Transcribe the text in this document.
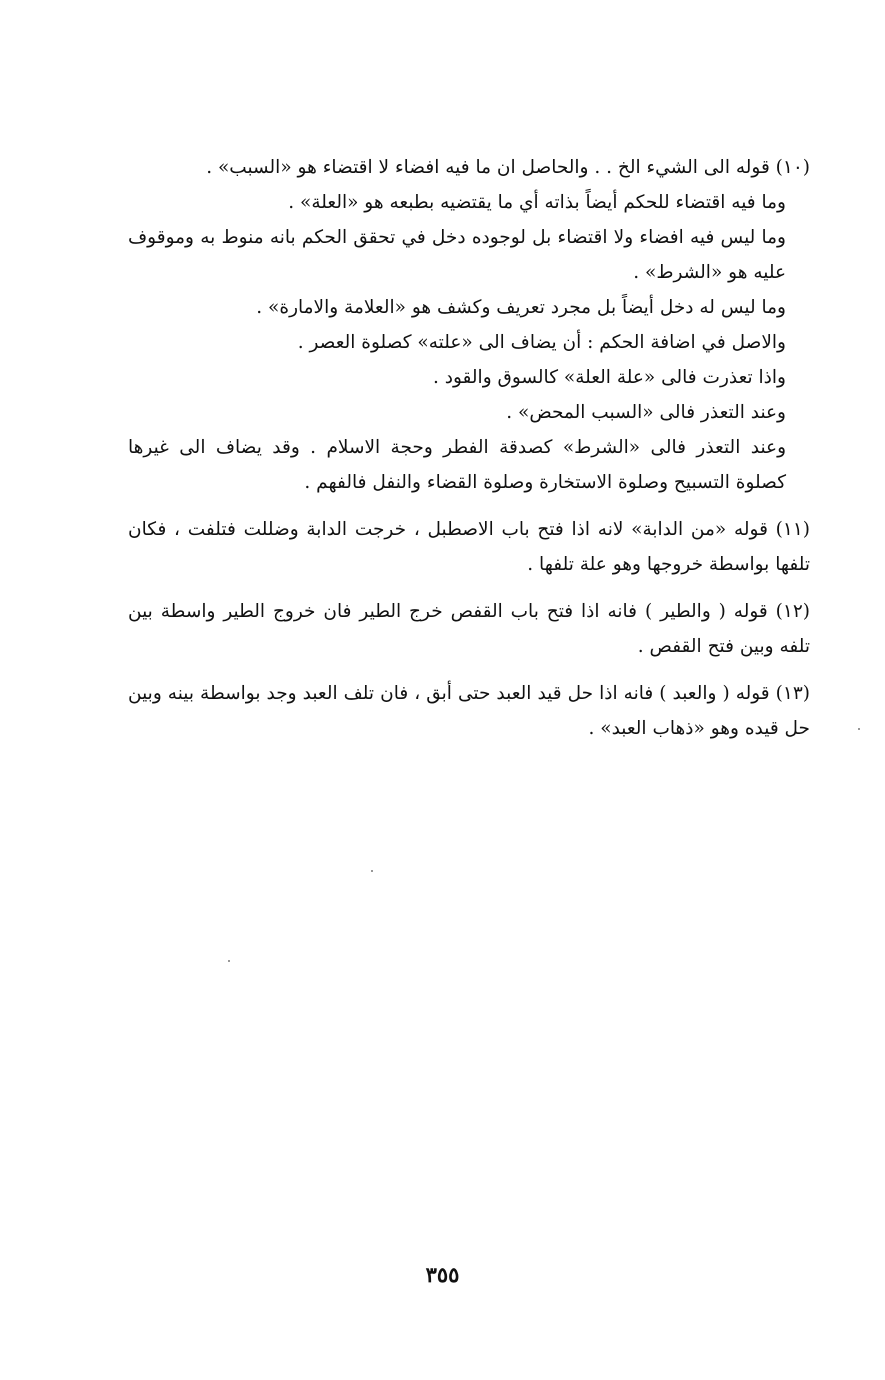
(١٠) قوله الى الشيء الخ . . والحاصل ان ما فيه افضاء لا اقتضاء هو «السبب» .

وما فيه اقتضاء للحكم أيضاً بذاته أي ما يقتضيه بطبعه هو «العلة» .

وما ليس فيه افضاء ولا اقتضاء بل لوجوده دخل في تحقق الحكم بانه منوط به وموقوف عليه هو «الشرط» .

وما ليس له دخل أيضاً بل مجرد تعريف وكشف هو «العلامة والامارة» .

والاصل في اضافة الحكم : أن يضاف الى «علته» كصلوة العصر .

واذا تعذرت فالى «علة العلة» كالسوق والقود .

وعند التعذر فالى «السبب المحض» .

وعند التعذر فالى «الشرط» كصدقة الفطر وحجة الاسلام . وقد يضاف الى غيرها كصلوة التسبيح وصلوة الاستخارة وصلوة القضاء والنفل فالفهم .

(١١) قوله «من الدابة» لانه اذا فتح باب الاصطبل ، خرجت الدابة وضللت فتلفت ، فكان تلفها بواسطة خروجها وهو علة تلفها .

(١٢) قوله ( والطير ) فانه اذا فتح باب القفص خرج الطير فان خروج الطير واسطة بين تلفه وبين فتح القفص .

(١٣) قوله ( والعبد ) فانه اذا حل قيد العبد حتى أبق ، فان تلف العبد وجد بواسطة بينه وبين حل قيده وهو «ذهاب العبد» .

٣٥٥
